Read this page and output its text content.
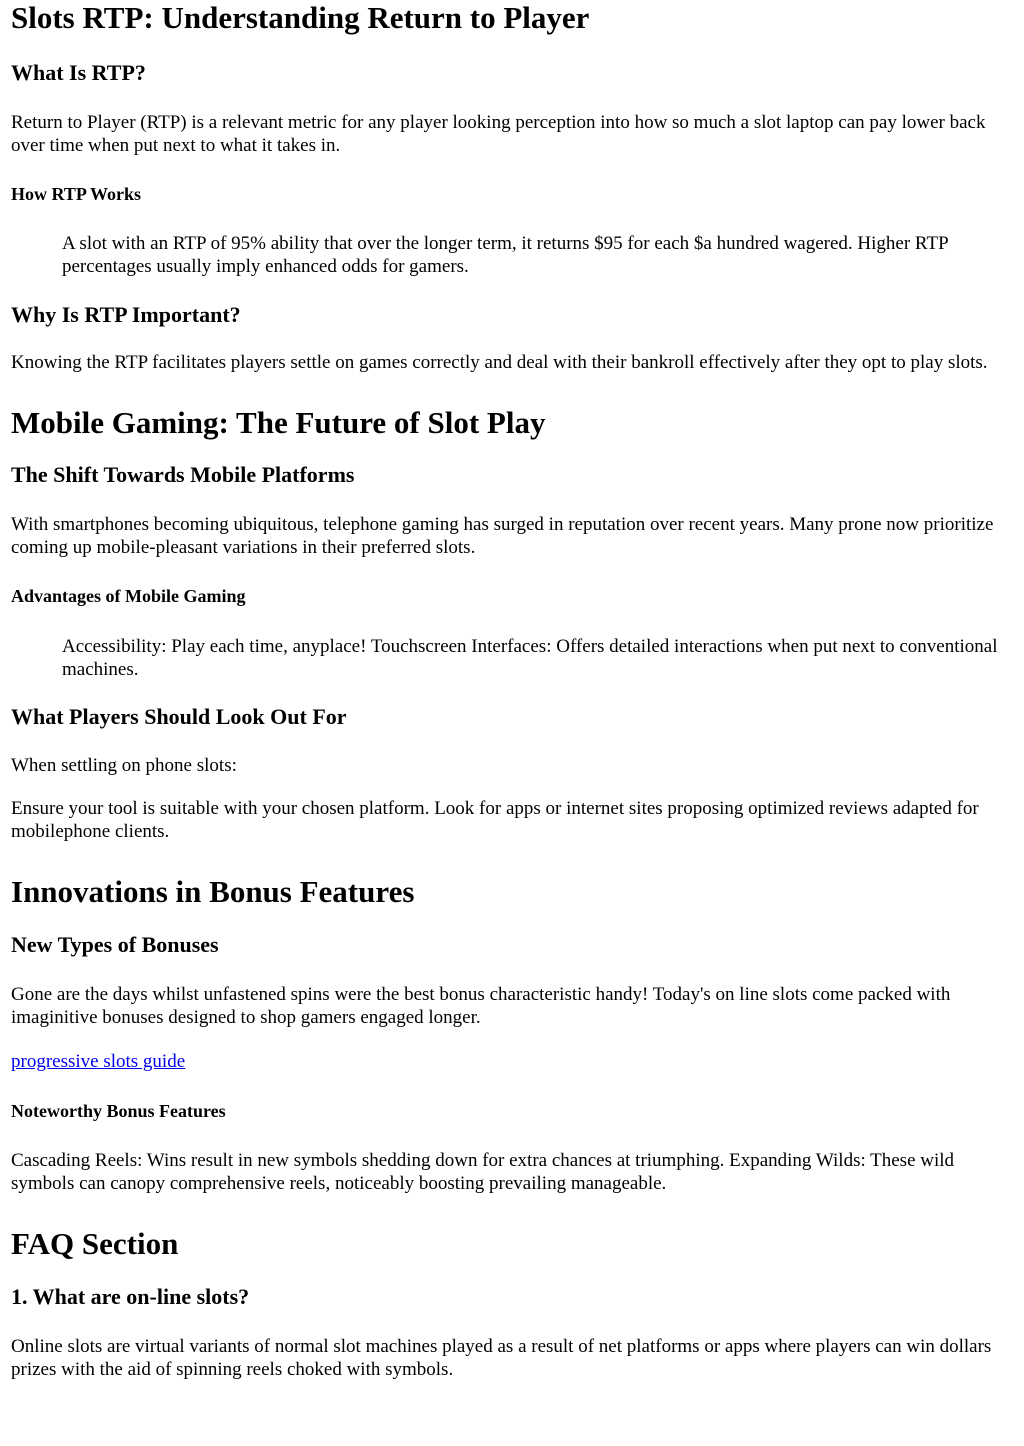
Slots RTP: Understanding Return to Player
What Is RTP?

Return to Player (RTP) is a relevant metric for any player looking perception into how so much a slot laptop can pay lower back over time when put next to what it takes in.

How RTP Works
A slot with an RTP of 95% ability that over the longer term, it returns $95 for each $a hundred wagered. Higher RTP percentages usually imply enhanced odds for gamers.
Why Is RTP Important?

Knowing the RTP facilitates players settle on games correctly and deal with their bankroll effectively after they opt to play slots.

Mobile Gaming: The Future of Slot Play
The Shift Towards Mobile Platforms

With smartphones becoming ubiquitous, telephone gaming has surged in reputation over recent years. Many prone now prioritize coming up mobile-pleasant variations in their preferred slots.

Advantages of Mobile Gaming
Accessibility: Play each time, anyplace! Touchscreen Interfaces: Offers detailed interactions when put next to conventional machines.
What Players Should Look Out For

When settling on phone slots:

Ensure your tool is suitable with your chosen platform. Look for apps or internet sites proposing optimized reviews adapted for mobilephone clients.

Innovations in Bonus Features
New Types of Bonuses

Gone are the days whilst unfastened spins were the best bonus characteristic handy! Today's on line slots come packed with imaginitive bonuses designed to shop gamers engaged longer.

progressive slots guide

Noteworthy Bonus Features

Cascading Reels: Wins result in new symbols shedding down for extra chances at triumphing. Expanding Wilds: These wild symbols can canopy comprehensive reels, noticeably boosting prevailing manageable.

FAQ Section
1. What are on-line slots?

Online slots are virtual variants of normal slot machines played as a result of net platforms or apps where players can win dollars prizes with the aid of spinning reels choked with symbols.
